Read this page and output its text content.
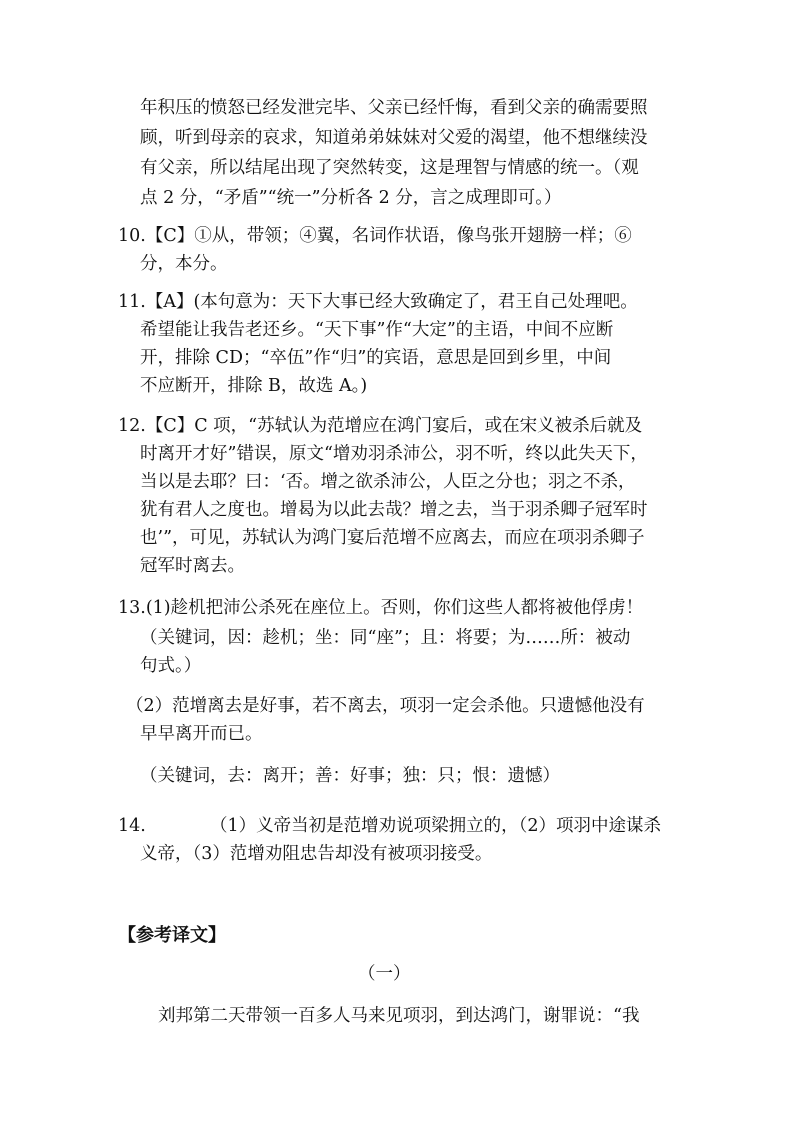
年积压的愤怒已经发泄完毕、父亲已经忏悔，看到父亲的确需要照
顾，听到母亲的哀求，知道弟弟妹妹对父爱的渴望，他不想继续没
有父亲，所以结尾出现了突然转变，这是理智与情感的统一。（观
点 2 分，“矛盾”“统一”分析各 2 分，言之成理即可。）
10.【C】①从，带领；④翼，名词作状语，像鸟张开翅膀一样；⑥
分，本分。
11.【A】(本句意为：天下大事已经大致确定了，君王自己处理吧。
希望能让我告老还乡。“天下事”作“大定”的主语，中间不应断
开，排除 CD；“卒伍”作“归”的宾语，意思是回到乡里，中间
不应断开，排除 B，故选 A。)
12.【C】C 项，“苏轼认为范增应在鸿门宴后，或在宋义被杀后就及
时离开才好”错误，原文“增劝羽杀沛公，羽不听，终以此失天下，
当以是去耶？曰：‘否。增之欲杀沛公，人臣之分也；羽之不杀，
犹有君人之度也。增曷为以此去哉？增之去，当于羽杀卿子冠军时
也’”，可见，苏轼认为鸿门宴后范增不应离去，而应在项羽杀卿子
冠军时离去。
13.(1)趁机把沛公杀死在座位上。否则，你们这些人都将被他俘虏！
（关键词，因：趁机；坐：同“座”；且：将要；为……所：被动
句式。）
（2）范增离去是好事，若不离去，项羽一定会杀他。只遗憾他没有
早早离开而已。
（关键词，去：离开；善：好事；独：只；恨：遗憾）
14.	（1）义帝当初是范增劝说项梁拥立的，（2）项羽中途谋杀
义帝，（3）范增劝阻忠告却没有被项羽接受。
【参考译文】
（一）
刘邦第二天带领一百多人马来见项羽，到达鸿门，谢罪说：“我
